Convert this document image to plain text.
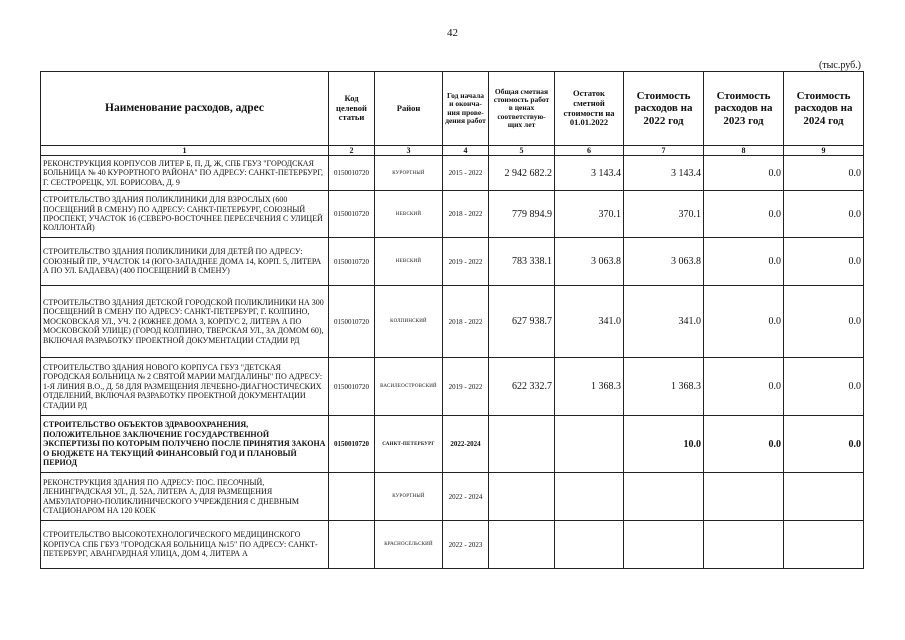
42
(тыс.руб.)
Наименование расходов, адрес	Код целевой статьи	Район	Год начала и оконча-ния прове-дения работ	Общая сметная стоимость работ в ценах соответствую-щих лет	Остаток сметной стоимости на 01.01.2022	Стоимость расходов на 2022 год	Стоимость расходов на 2023 год	Стоимость расходов на 2024 год
1	2	3	4	5	6	7	8	9
РЕКОНСТРУКЦИЯ КОРПУСОВ ЛИТЕР Б, П, Д, Ж, СПБ ГБУЗ "ГОРОДСКАЯ БОЛЬНИЦА № 40 КУРОРТНОГО РАЙОНА" ПО АДРЕСУ: САНКТ-ПЕТЕРБУРГ, Г. СЕСТРОРЕЦК, УЛ. БОРИСОВА, Д. 9	0150010720	КУРОРТНЫЙ	2015 - 2022	2 942 682.2	3 143.4	3 143.4	0.0	0.0
СТРОИТЕЛЬСТВО ЗДАНИЯ ПОЛИКЛИНИКИ ДЛЯ ВЗРОСЛЫХ (600 ПОСЕЩЕНИЙ В СМЕНУ) ПО АДРЕСУ: САНКТ-ПЕТЕРБУРГ, СОЮЗНЫЙ ПРОСПЕКТ, УЧАСТОК 16 (СЕВЕРО-ВОСТОЧНЕЕ ПЕРЕСЕЧЕНИЯ С УЛИЦЕЙ КОЛЛОНТАЙ)	0150010720	НЕВСКИЙ	2018 - 2022	779 894.9	370.1	370.1	0.0	0.0
СТРОИТЕЛЬСТВО ЗДАНИЯ ПОЛИКЛИНИКИ ДЛЯ ДЕТЕЙ ПО АДРЕСУ: СОЮЗНЫЙ ПР., УЧАСТОК 14 (ЮГО-ЗАПАДНЕЕ ДОМА 14, КОРП. 5, ЛИТЕРА А ПО УЛ. БАДАЕВА) (400 ПОСЕЩЕНИЙ В СМЕНУ)	0150010720	НЕВСКИЙ	2019 - 2022	783 338.1	3 063.8	3 063.8	0.0	0.0
СТРОИТЕЛЬСТВО ЗДАНИЯ ДЕТСКОЙ ГОРОДСКОЙ ПОЛИКЛИНИКИ НА 300 ПОСЕЩЕНИЙ В СМЕНУ ПО АДРЕСУ: САНКТ-ПЕТЕРБУРГ, Г. КОЛПИНО, МОСКОВСКАЯ УЛ., УЧ. 2 (ЮЖНЕЕ ДОМА 3, КОРПУС 2, ЛИТЕРА А ПО МОСКОВСКОЙ УЛИЦЕ) (ГОРОД КОЛПИНО, ТВЕРСКАЯ УЛ., ЗА ДОМОМ 60), ВКЛЮЧАЯ РАЗРАБОТКУ ПРОЕКТНОЙ ДОКУМЕНТАЦИИ СТАДИИ РД	0150010720	КОЛПИНСКИЙ	2018 - 2022	627 938.7	341.0	341.0	0.0	0.0
СТРОИТЕЛЬСТВО ЗДАНИЯ НОВОГО КОРПУСА ГБУЗ "ДЕТСКАЯ ГОРОДСКАЯ БОЛЬНИЦА № 2 СВЯТОЙ МАРИИ МАГДАЛИНЫ" ПО АДРЕСУ: 1-Я ЛИНИЯ В.О., Д. 58 ДЛЯ РАЗМЕЩЕНИЯ ЛЕЧЕБНО-ДИАГНОСТИЧЕСКИХ ОТДЕЛЕНИЙ, ВКЛЮЧАЯ РАЗРАБОТКУ ПРОЕКТНОЙ ДОКУМЕНТАЦИИ СТАДИИ РД	0150010720	ВАСИЛЕОСТРОВСКИЙ	2019 - 2022	622 332.7	1 368.3	1 368.3	0.0	0.0
СТРОИТЕЛЬСТВО ОБЪЕКТОВ ЗДРАВООХРАНЕНИЯ, ПОЛОЖИТЕЛЬНОЕ ЗАКЛЮЧЕНИЕ ГОСУДАРСТВЕННОЙ ЭКСПЕРТИЗЫ ПО КОТОРЫМ ПОЛУЧЕНО ПОСЛЕ ПРИНЯТИЯ ЗАКОНА О БЮДЖЕТЕ НА ТЕКУЩИЙ ФИНАНСОВЫЙ ГОД И ПЛАНОВЫЙ ПЕРИОД	0150010720	САНКТ-ПЕТЕРБУРГ	2022-2024			10.0	0.0	0.0
РЕКОНСТРУКЦИЯ ЗДАНИЯ ПО АДРЕСУ: ПОС. ПЕСОЧНЫЙ, ЛЕНИНГРАДСКАЯ УЛ., Д. 52А, ЛИТЕРА А, ДЛЯ РАЗМЕЩЕНИЯ АМБУЛАТОРНО-ПОЛИКЛИНИЧЕСКОГО УЧРЕЖДЕНИЯ С ДНЕВНЫМ СТАЦИОНАРОМ НА 120 КОЕК		КУРОРТНЫЙ	2022 - 2024					
СТРОИТЕЛЬСТВО ВЫСОКОТЕХНОЛОГИЧЕСКОГО МЕДИЦИНСКОГО КОРПУСА СПБ ГБУЗ "ГОРОДСКАЯ БОЛЬНИЦА №15" ПО АДРЕСУ: САНКТ-ПЕТЕРБУРГ, АВАНГАРДНАЯ УЛИЦА, ДОМ 4, ЛИТЕРА А		КРАСНОСЕЛЬСКИЙ	2022 - 2023					
